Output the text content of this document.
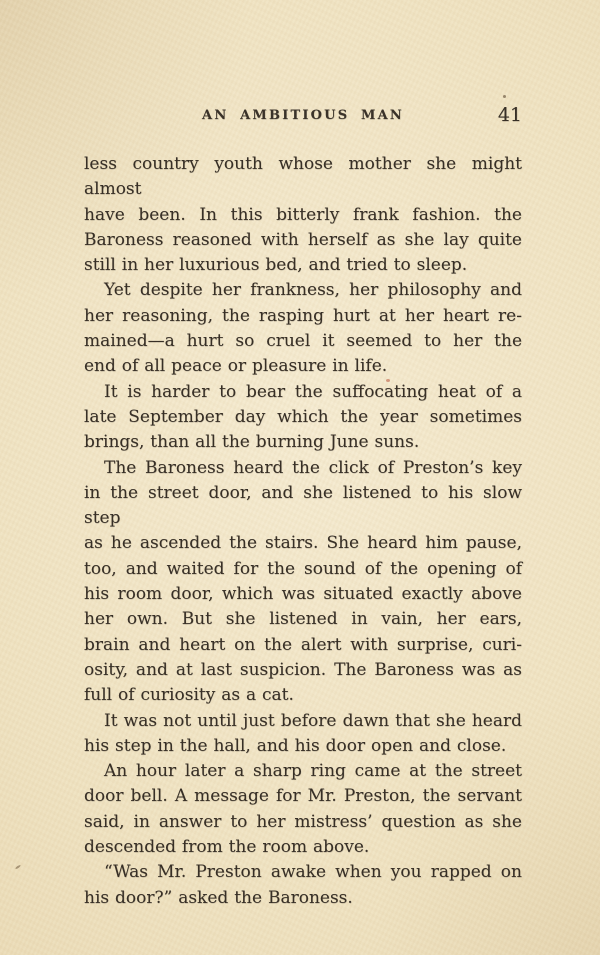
AN AMBITIOUS MAN	41

less country youth whose mother she might almost
have been. In this bitterly frank fashion. the
Baroness reasoned with herself as she lay quite
still in her luxurious bed, and tried to sleep.

Yet despite her frankness, her philosophy and
her reasoning, the rasping hurt at her heart re-
mained—a hurt so cruel it seemed to her the
end of all peace or pleasure in life.

It is harder to bear the suffocating heat of a
late September day which the year sometimes
brings, than all the burning June suns.

The Baroness heard the click of Preston’s key
in the street door, and she listened to his slow step
as he ascended the stairs. She heard him pause,
too, and waited for the sound of the opening of
his room door, which was situated exactly above
her own. But she listened in vain, her ears,
brain and heart on the alert with surprise, curi-
osity, and at last suspicion. The Baroness was as
full of curiosity as a cat.

It was not until just before dawn that she heard
his step in the hall, and his door open and close.

An hour later a sharp ring came at the street
door bell. A message for Mr. Preston, the servant
said, in answer to her mistress’ question as she
descended from the room above.

“Was Mr. Preston awake when you rapped on
his door?” asked the Baroness.
